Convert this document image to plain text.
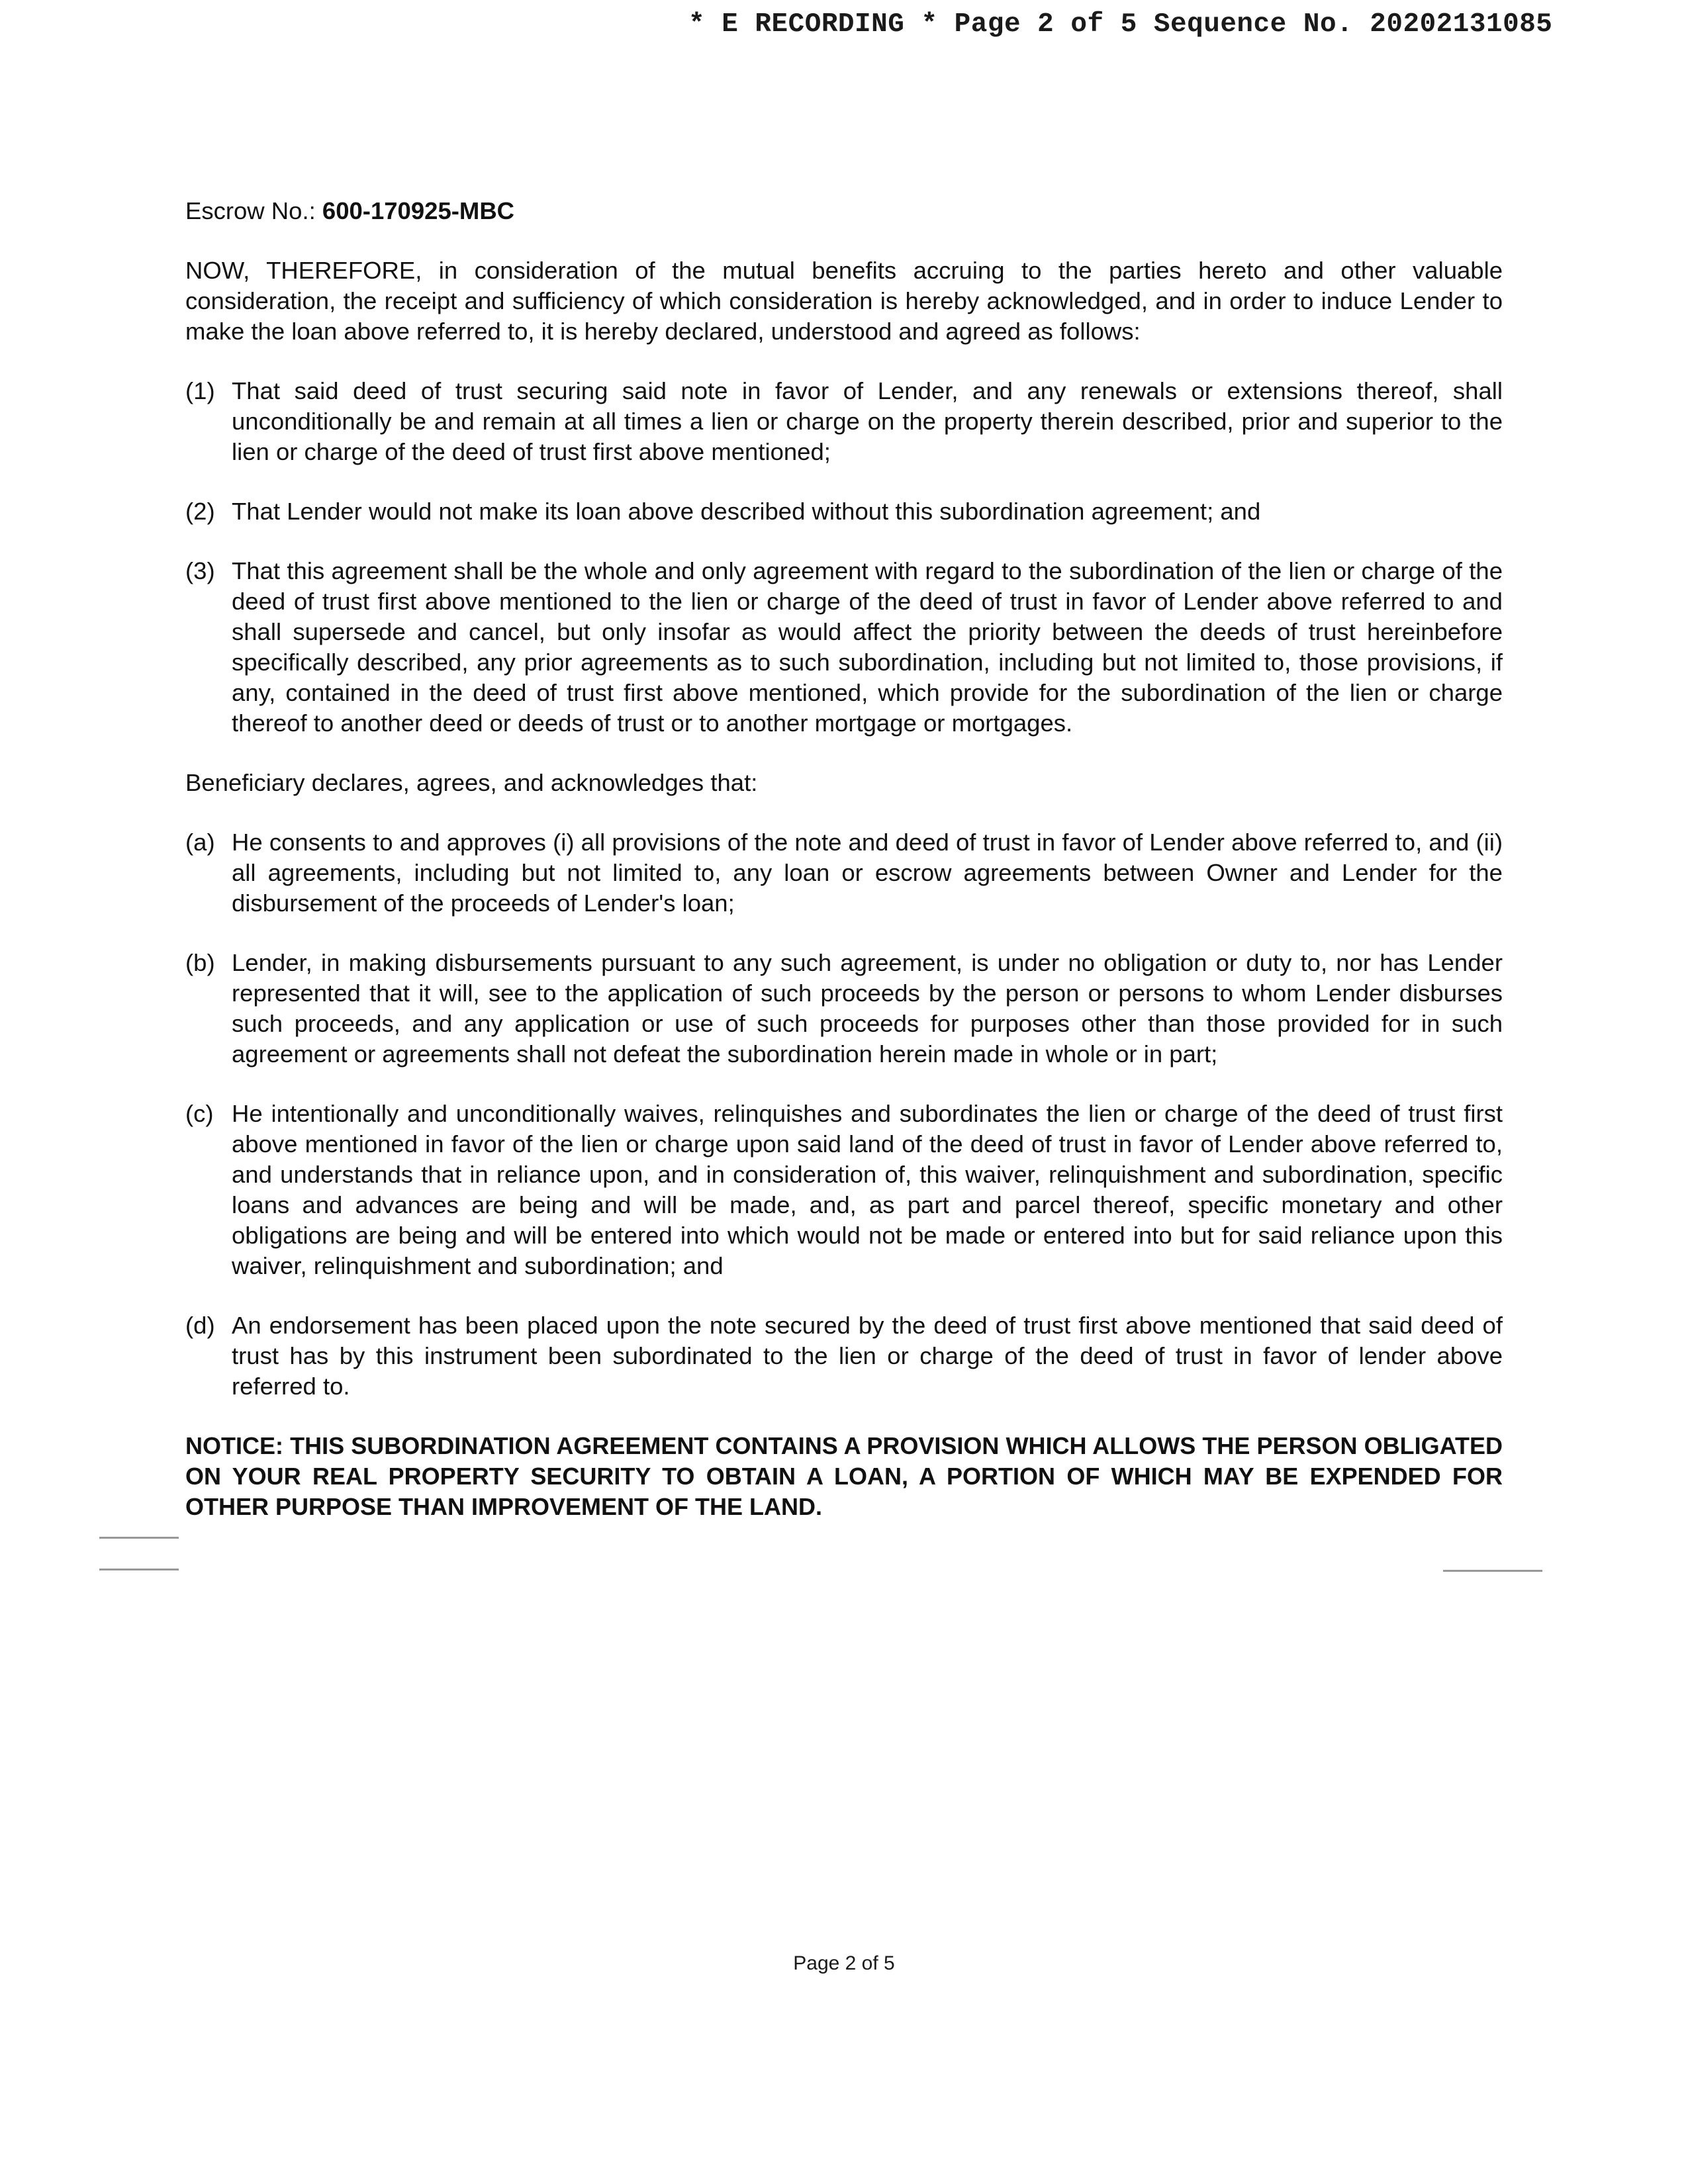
* E RECORDING * Page 2 of 5 Sequence No. 20202131085

Escrow No.: 600-170925-MBC

NOW, THEREFORE, in consideration of the mutual benefits accruing to the parties hereto and other valuable consideration, the receipt and sufficiency of which consideration is hereby acknowledged, and in order to induce Lender to make the loan above referred to, it is hereby declared, understood and agreed as follows:

(1) That said deed of trust securing said note in favor of Lender, and any renewals or extensions thereof, shall unconditionally be and remain at all times a lien or charge on the property therein described, prior and superior to the lien or charge of the deed of trust first above mentioned;
(2) That Lender would not make its loan above described without this subordination agreement; and
(3) That this agreement shall be the whole and only agreement with regard to the subordination of the lien or charge of the deed of trust first above mentioned to the lien or charge of the deed of trust in favor of Lender above referred to and shall supersede and cancel, but only insofar as would affect the priority between the deeds of trust hereinbefore specifically described, any prior agreements as to such subordination, including but not limited to, those provisions, if any, contained in the deed of trust first above mentioned, which provide for the subordination of the lien or charge thereof to another deed or deeds of trust or to another mortgage or mortgages.

Beneficiary declares, agrees, and acknowledges that:

(a) He consents to and approves (i) all provisions of the note and deed of trust in favor of Lender above referred to, and (ii) all agreements, including but not limited to, any loan or escrow agreements between Owner and Lender for the disbursement of the proceeds of Lender's loan;
(b) Lender, in making disbursements pursuant to any such agreement, is under no obligation or duty to, nor has Lender represented that it will, see to the application of such proceeds by the person or persons to whom Lender disburses such proceeds, and any application or use of such proceeds for purposes other than those provided for in such agreement or agreements shall not defeat the subordination herein made in whole or in part;
(c) He intentionally and unconditionally waives, relinquishes and subordinates the lien or charge of the deed of trust first above mentioned in favor of the lien or charge upon said land of the deed of trust in favor of Lender above referred to, and understands that in reliance upon, and in consideration of, this waiver, relinquishment and subordination, specific loans and advances are being and will be made, and, as part and parcel thereof, specific monetary and other obligations are being and will be entered into which would not be made or entered into but for said reliance upon this waiver, relinquishment and subordination; and
(d) An endorsement has been placed upon the note secured by the deed of trust first above mentioned that said deed of trust has by this instrument been subordinated to the lien or charge of the deed of trust in favor of lender above referred to.

NOTICE: THIS SUBORDINATION AGREEMENT CONTAINS A PROVISION WHICH ALLOWS THE PERSON OBLIGATED ON YOUR REAL PROPERTY SECURITY TO OBTAIN A LOAN, A PORTION OF WHICH MAY BE EXPENDED FOR OTHER PURPOSE THAN IMPROVEMENT OF THE LAND.

Page 2 of 5
